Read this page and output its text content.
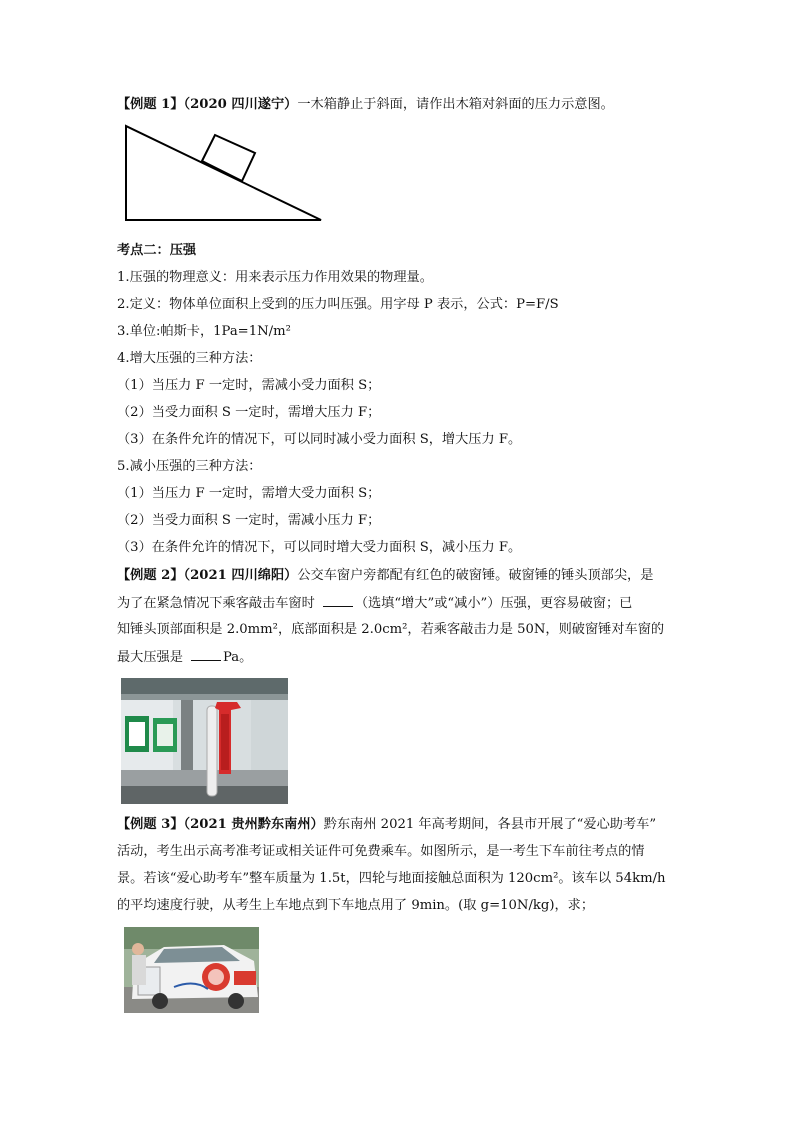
【例题 1】（2020 四川遂宁）一木箱静止于斜面，请作出木箱对斜面的压力示意图。
考点二：压强
1.压强的物理意义：用来表示压力作用效果的物理量。
2.定义：物体单位面积上受到的压力叫压强。用字母 P 表示，公式：P=F/S
3.单位:帕斯卡，1Pa=1N/m²
4.增大压强的三种方法：
（1）当压力 F 一定时，需减小受力面积 S；
（2）当受力面积 S 一定时，需增大压力 F；
（3）在条件允许的情况下，可以同时减小受力面积 S，增大压力 F。
5.减小压强的三种方法：
（1）当压力 F 一定时，需增大受力面积 S；
（2）当受力面积 S 一定时，需减小压力 F；
（3）在条件允许的情况下，可以同时增大受力面积 S，减小压力 F。
【例题 2】（2021 四川绵阳）公交车窗户旁都配有红色的破窗锤。破窗锤的锤头顶部尖，是
为了在紧急情况下乘客敲击车窗时	（选填“增大”或“减小”）压强，更容易破窗；已
知锤头顶部面积是 2.0mm²，底部面积是 2.0cm²，若乘客敲击力是 50N，则破窗锤对车窗的
最大压强是	Pa。
【例题 3】（2021 贵州黔东南州）黔东南州 2021 年高考期间，各县市开展了“爱心助考车”
活动，考生出示高考准考证或相关证件可免费乘车。如图所示，是一考生下车前往考点的情
景。若该“爱心助考车”整车质量为 1.5t，四轮与地面接触总面积为 120cm²。该车以 54km/h
的平均速度行驶，从考生上车地点到下车地点用了 9min。(取 g=10N/kg)，求；
